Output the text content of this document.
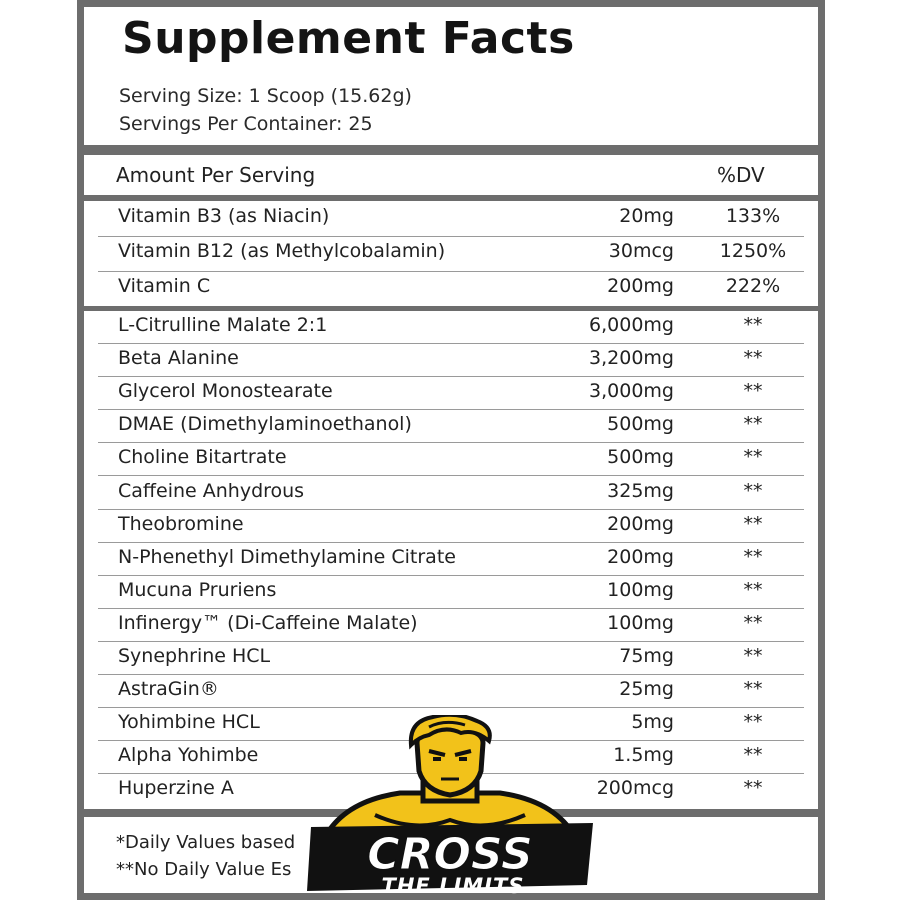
Supplement Facts
Serving Size: 1 Scoop (15.62g)
Servings Per Container: 25
Amount Per Serving	%DV
Vitamin B3 (as Niacin)	20mg	133%
Vitamin B12 (as Methylcobalamin)	30mcg	1250%
Vitamin C	200mg	222%
L-Citrulline Malate 2:1	6,000mg	**
Beta Alanine	3,200mg	**
Glycerol Monostearate	3,000mg	**
DMAE (Dimethylaminoethanol)	500mg	**
Choline Bitartrate	500mg	**
Caffeine Anhydrous	325mg	**
Theobromine	200mg	**
N-Phenethyl Dimethylamine Citrate	200mg	**
Mucuna Pruriens	100mg	**
Infinergy™ (Di-Caffeine Malate)	100mg	**
Synephrine HCL	75mg	**
AstraGin®	25mg	**
Yohimbine HCL	5mg	**
Alpha Yohimbe	1.5mg	**
Huperzine A	200mcg	**
*Daily Values based
**No Daily Value Es CROSS
THE LIMITS
